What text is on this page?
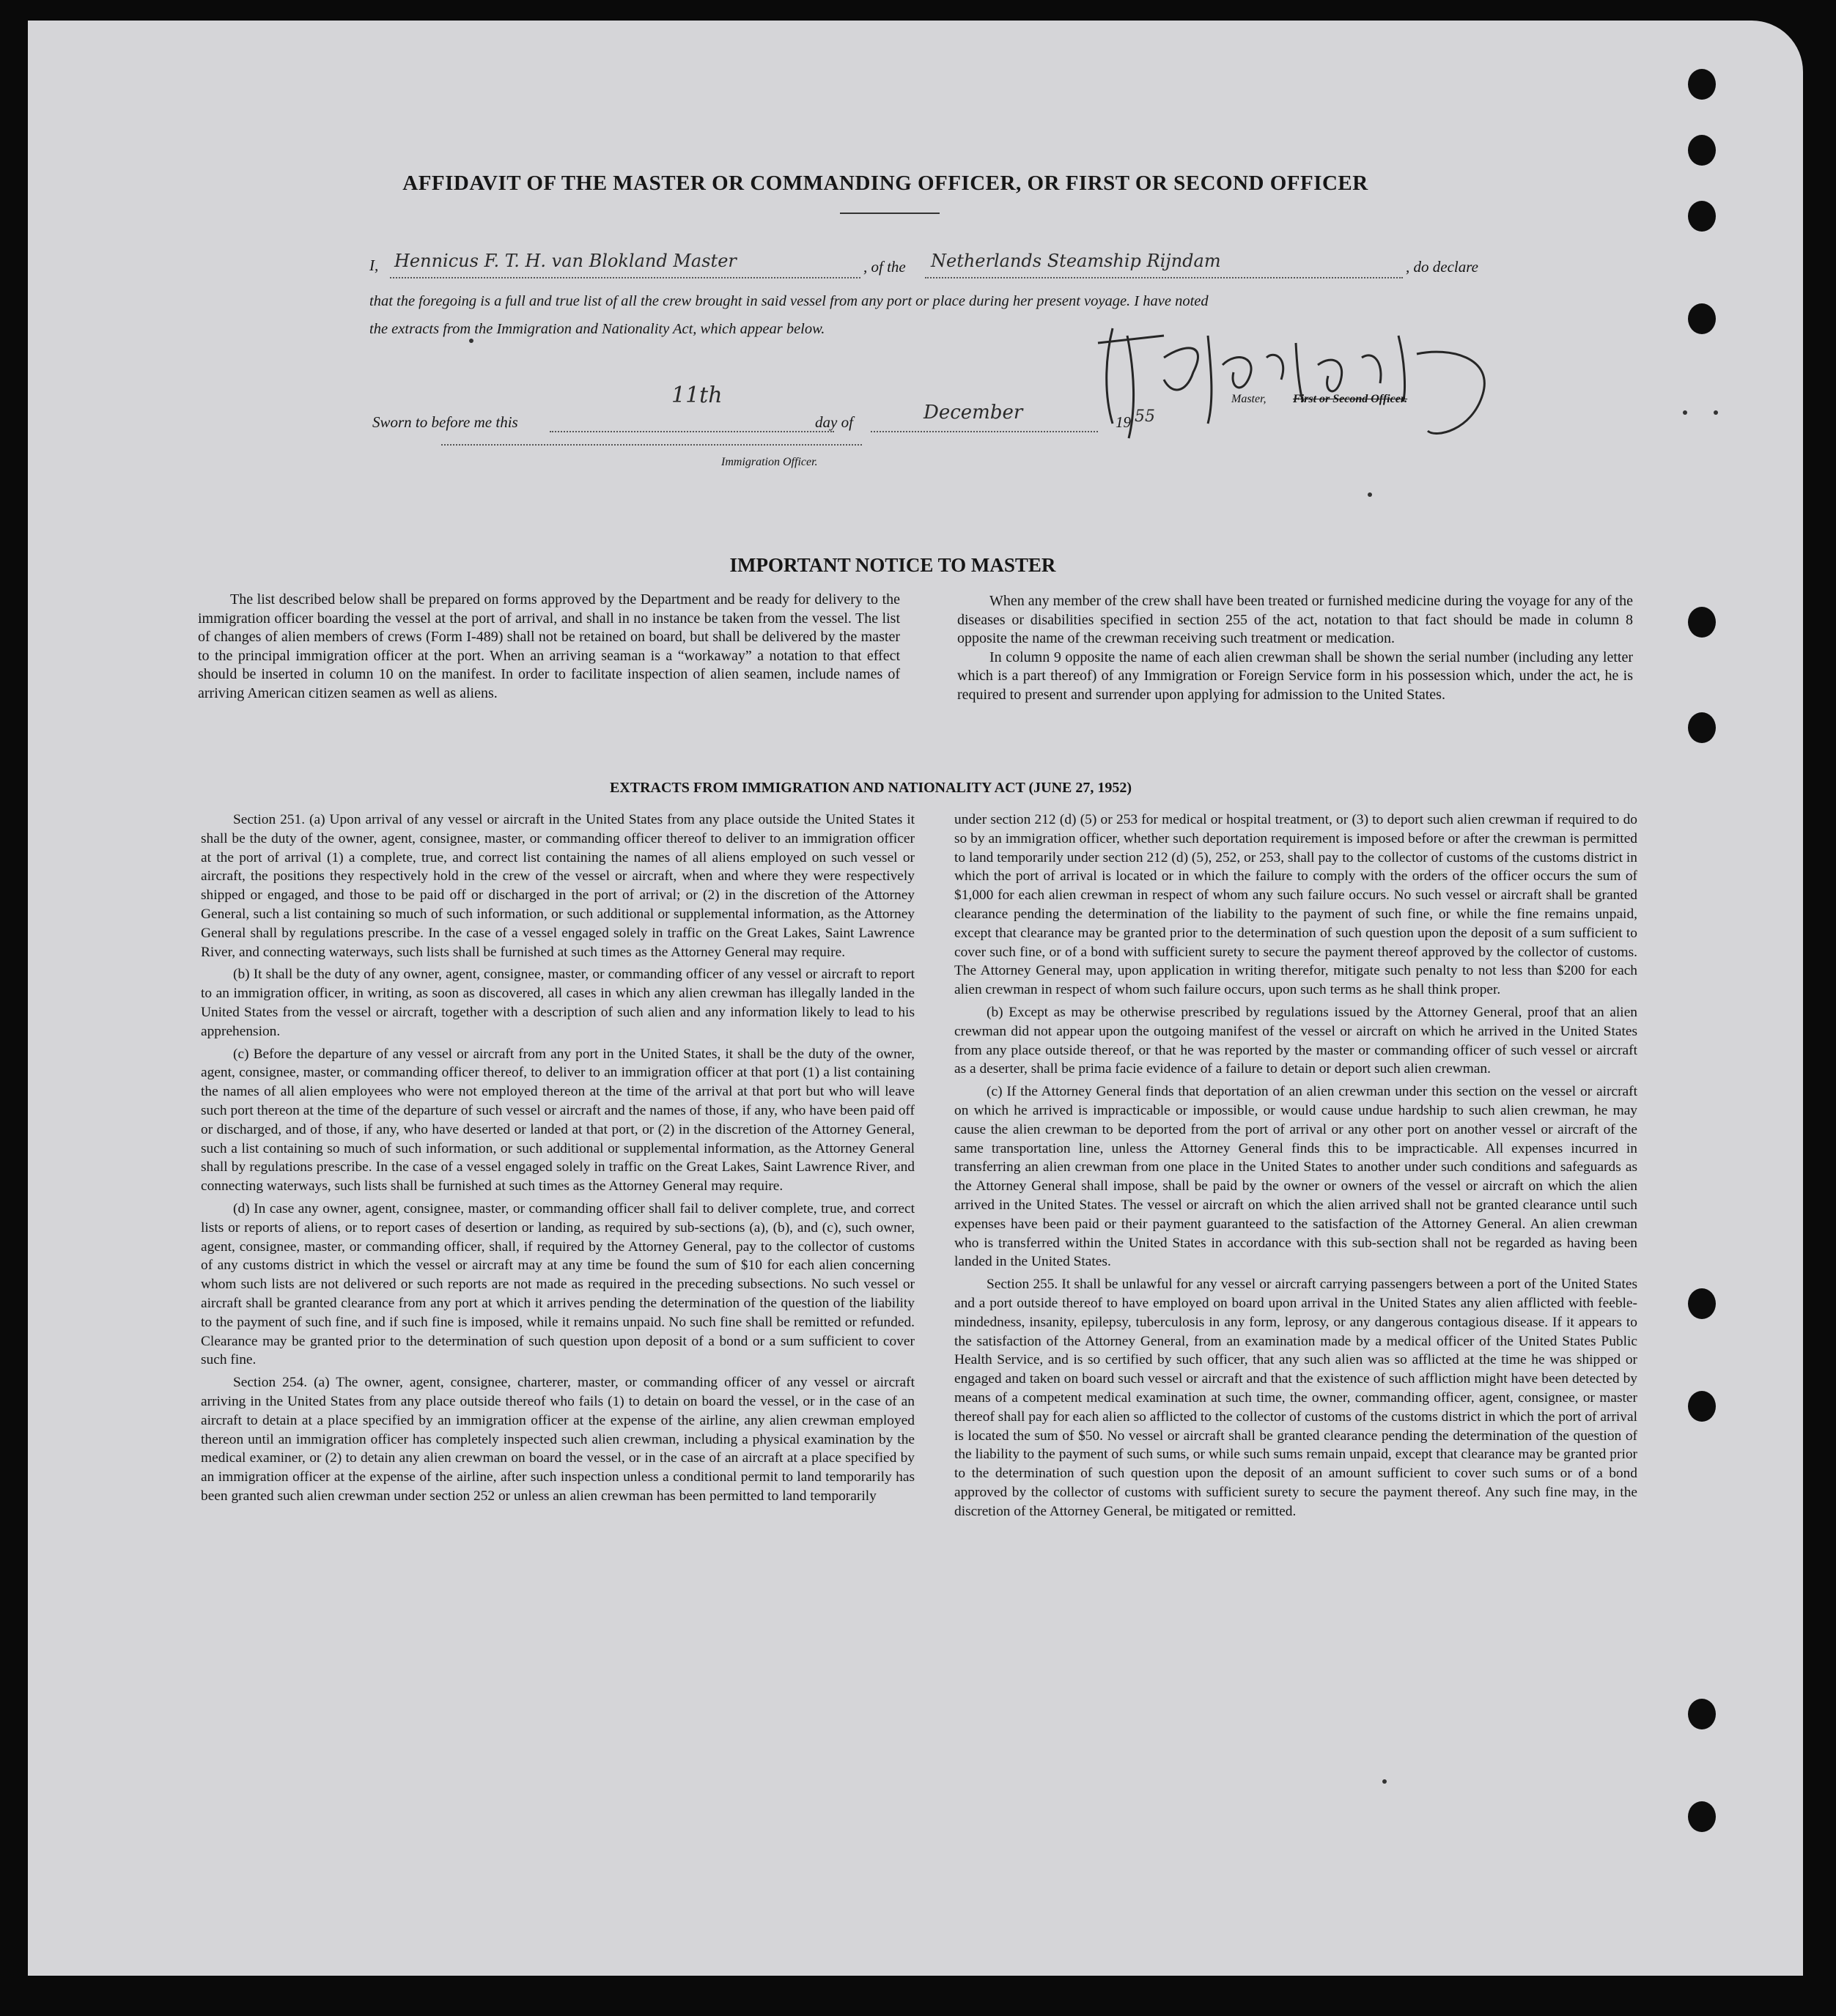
AFFIDAVIT OF THE MASTER OR COMMANDING OFFICER, OR FIRST OR SECOND OFFICER
I, Hennicus F. T. H. van Blokland Master	, of the Netherlands Steamship Rijndam	, do declare
that the foregoing is a full and true list of all the crew brought in said vessel from any port or place during her present voyage. I have noted
the extracts from the Immigration and Nationality Act, which appear below.
Master, First or Second Officer.
Sworn to before me this
11th
day of	December	19 55
Immigration Officer.
IMPORTANT NOTICE TO MASTER

The list described below shall be prepared on forms approved by the Department and be ready for delivery to the immigration officer boarding the vessel at the port of arrival, and shall in no instance be taken from the vessel. The list of changes of alien members of crews (Form I-489) shall not be retained on board, but shall be delivered by the master to the principal immigration officer at the port. When an arriving seaman is a “workaway” a notation to that effect should be inserted in column 10 on the manifest. In order to facilitate inspection of alien seamen, include names of arriving American citizen seamen as well as aliens.

When any member of the crew shall have been treated or furnished medicine during the voyage for any of the diseases or disabilities specified in section 255 of the act, notation to that fact should be made in column 8 opposite the name of the crewman receiving such treatment or medication.

In column 9 opposite the name of each alien crewman shall be shown the serial number (including any letter which is a part thereof) of any Immigration or Foreign Service form in his possession which, under the act, he is required to present and surrender upon applying for admission to the United States.

EXTRACTS FROM IMMIGRATION AND NATIONALITY ACT (JUNE 27, 1952)

Section 251. (a) Upon arrival of any vessel or aircraft in the United States from any place outside the United States it shall be the duty of the owner, agent, consignee, master, or commanding officer thereof to deliver to an immigration officer at the port of arrival (1) a complete, true, and correct list containing the names of all aliens employed on such vessel or aircraft, the positions they respectively hold in the crew of the vessel or aircraft, when and where they were respectively shipped or engaged, and those to be paid off or discharged in the port of arrival; or (2) in the discretion of the Attorney General, such a list containing so much of such information, or such additional or supplemental information, as the Attorney General shall by regulations prescribe. In the case of a vessel engaged solely in traffic on the Great Lakes, Saint Lawrence River, and connecting waterways, such lists shall be furnished at such times as the Attorney General may require.

(b) It shall be the duty of any owner, agent, consignee, master, or commanding officer of any vessel or aircraft to report to an immigration officer, in writing, as soon as discovered, all cases in which any alien crewman has illegally landed in the United States from the vessel or aircraft, together with a description of such alien and any information likely to lead to his apprehension.

(c) Before the departure of any vessel or aircraft from any port in the United States, it shall be the duty of the owner, agent, consignee, master, or commanding officer thereof, to deliver to an immigration officer at that port (1) a list containing the names of all alien employees who were not employed thereon at the time of the arrival at that port but who will leave such port thereon at the time of the departure of such vessel or aircraft and the names of those, if any, who have been paid off or discharged, and of those, if any, who have deserted or landed at that port, or (2) in the discretion of the Attorney General, such a list containing so much of such information, or such additional or supplemental information, as the Attorney General shall by regulations prescribe. In the case of a vessel engaged solely in traffic on the Great Lakes, Saint Lawrence River, and connecting waterways, such lists shall be furnished at such times as the Attorney General may require.

(d) In case any owner, agent, consignee, master, or commanding officer shall fail to deliver complete, true, and correct lists or reports of aliens, or to report cases of desertion or landing, as required by sub-sections (a), (b), and (c), such owner, agent, consignee, master, or commanding officer, shall, if required by the Attorney General, pay to the collector of customs of any customs district in which the vessel or aircraft may at any time be found the sum of $10 for each alien concerning whom such lists are not delivered or such reports are not made as required in the preceding subsections. No such vessel or aircraft shall be granted clearance from any port at which it arrives pending the determination of the question of the liability to the payment of such fine, and if such fine is imposed, while it remains unpaid. No such fine shall be remitted or refunded. Clearance may be granted prior to the determination of such question upon deposit of a bond or a sum sufficient to cover such fine.

Section 254. (a) The owner, agent, consignee, charterer, master, or commanding officer of any vessel or aircraft arriving in the United States from any place outside thereof who fails (1) to detain on board the vessel, or in the case of an aircraft to detain at a place specified by an immigration officer at the expense of the airline, any alien crewman employed thereon until an immigration officer has completely inspected such alien crewman, including a physical examination by the medical examiner, or (2) to detain any alien crewman on board the vessel, or in the case of an aircraft at a place specified by an immigration officer at the expense of the airline, after such inspection unless a conditional permit to land temporarily has been granted such alien crewman under section 252 or unless an alien crewman has been permitted to land temporarily

under section 212 (d) (5) or 253 for medical or hospital treatment, or (3) to deport such alien crewman if required to do so by an immigration officer, whether such deportation requirement is imposed before or after the crewman is permitted to land temporarily under section 212 (d) (5), 252, or 253, shall pay to the collector of customs of the customs district in which the port of arrival is located or in which the failure to comply with the orders of the officer occurs the sum of $1,000 for each alien crewman in respect of whom any such failure occurs. No such vessel or aircraft shall be granted clearance pending the determination of the liability to the payment of such fine, or while the fine remains unpaid, except that clearance may be granted prior to the determination of such question upon the deposit of a sum sufficient to cover such fine, or of a bond with sufficient surety to secure the payment thereof approved by the collector of customs. The Attorney General may, upon application in writing therefor, mitigate such penalty to not less than $200 for each alien crewman in respect of whom such failure occurs, upon such terms as he shall think proper.

(b) Except as may be otherwise prescribed by regulations issued by the Attorney General, proof that an alien crewman did not appear upon the outgoing manifest of the vessel or aircraft on which he arrived in the United States from any place outside thereof, or that he was reported by the master or commanding officer of such vessel or aircraft as a deserter, shall be prima facie evidence of a failure to detain or deport such alien crewman.

(c) If the Attorney General finds that deportation of an alien crewman under this section on the vessel or aircraft on which he arrived is impracticable or impossible, or would cause undue hardship to such alien crewman, he may cause the alien crewman to be deported from the port of arrival or any other port on another vessel or aircraft of the same transportation line, unless the Attorney General finds this to be impracticable. All expenses incurred in transferring an alien crewman from one place in the United States to another under such conditions and safeguards as the Attorney General shall impose, shall be paid by the owner or owners of the vessel or aircraft on which the alien arrived in the United States. The vessel or aircraft on which the alien arrived shall not be granted clearance until such expenses have been paid or their payment guaranteed to the satisfaction of the Attorney General. An alien crewman who is transferred within the United States in accordance with this sub-section shall not be regarded as having been landed in the United States.

Section 255. It shall be unlawful for any vessel or aircraft carrying passengers between a port of the United States and a port outside thereof to have employed on board upon arrival in the United States any alien afflicted with feeble-mindedness, insanity, epilepsy, tuberculosis in any form, leprosy, or any dangerous contagious disease. If it appears to the satisfaction of the Attorney General, from an examination made by a medical officer of the United States Public Health Service, and is so certified by such officer, that any such alien was so afflicted at the time he was shipped or engaged and taken on board such vessel or aircraft and that the existence of such affliction might have been detected by means of a competent medical examination at such time, the owner, commanding officer, agent, consignee, or master thereof shall pay for each alien so afflicted to the collector of customs of the customs district in which the port of arrival is located the sum of $50. No vessel or aircraft shall be granted clearance pending the determination of the question of the liability to the payment of such sums, or while such sums remain unpaid, except that clearance may be granted prior to the determination of such question upon the deposit of an amount sufficient to cover such sums or of a bond approved by the collector of customs with sufficient surety to secure the payment thereof. Any such fine may, in the discretion of the Attorney General, be mitigated or remitted.
